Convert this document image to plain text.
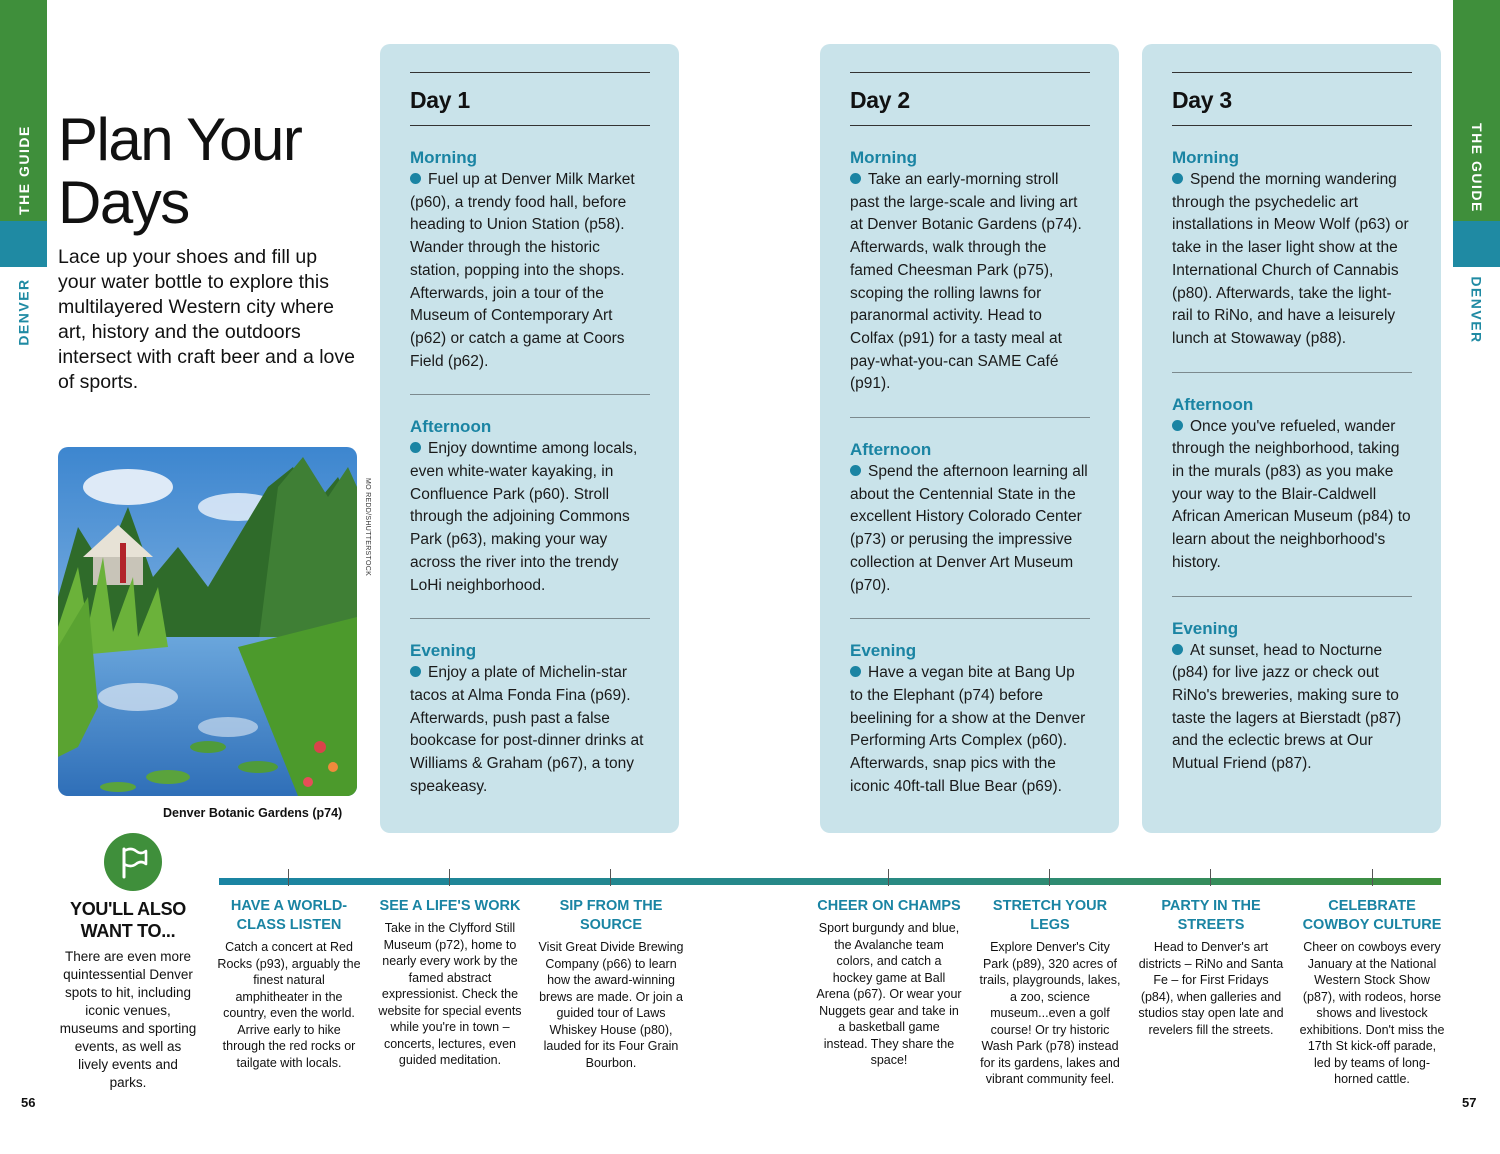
THE GUIDE
DENVER
THE GUIDE
DENVER
Plan Your
Days

Lace up your shoes and fill up your water bottle to explore this multilayered Western city where art, history and the outdoors intersect with craft beer and a love of sports.

MO REDD/SHUTTERSTOCK
Denver Botanic Gardens (p74)
Day 1
Morning

Fuel up at Denver Milk Market (p60), a trendy food hall, before heading to Union Station (p58). Wander through the historic station, popping into the shops. Afterwards, join a tour of the Museum of Contemporary Art (p62) or catch a game at Coors Field (p62).

Afternoon

Enjoy downtime among locals, even white-water kayaking, in Confluence Park (p60). Stroll through the adjoining Commons Park (p63), making your way across the river into the trendy LoHi neighborhood.

Evening

Enjoy a plate of Michelin-star tacos at Alma Fonda Fina (p69). Afterwards, push past a false bookcase for post-dinner drinks at Williams & Graham (p67), a tony speakeasy.

Day 2
Morning

Take an early-morning stroll past the large-scale and living art at Denver Botanic Gardens (p74). Afterwards, walk through the famed Cheesman Park (p75), scoping the rolling lawns for paranormal activity. Head to Colfax (p91) for a tasty meal at pay-what-you-can SAME Café (p91).

Afternoon

Spend the afternoon learning all about the Centennial State in the excellent History Colorado Center (p73) or perusing the impressive collection at Denver Art Museum (p70).

Evening

Have a vegan bite at Bang Up to the Elephant (p74) before beelining for a show at the Denver Performing Arts Complex (p60). Afterwards, snap pics with the iconic 40ft-tall Blue Bear (p69).

Day 3
Morning

Spend the morning wandering through the psychedelic art installations in Meow Wolf (p63) or take in the laser light show at the International Church of Cannabis (p80). Afterwards, take the light-rail to RiNo, and have a leisurely lunch at Stowaway (p88).

Afternoon

Once you've refueled, wander through the neighborhood, taking in the murals (p83) as you make your way to the Blair-Caldwell African American Museum (p84) to learn about the neighborhood's history.

Evening

At sunset, head to Nocturne (p84) for live jazz or check out RiNo's breweries, making sure to taste the lagers at Bierstadt (p87) and the eclectic brews at Our Mutual Friend (p87).

YOU'LL ALSO WANT TO...

There are even more quintessential Denver spots to hit, including iconic venues, museums and sporting events, as well as lively events and parks.

HAVE A WORLD-CLASS LISTEN

Catch a concert at Red Rocks (p93), arguably the finest natural amphitheater in the country, even the world. Arrive early to hike through the red rocks or tailgate with locals.

SEE A LIFE'S WORK

Take in the Clyfford Still Museum (p72), home to nearly every work by the famed abstract expressionist. Check the website for special events while you're in town – concerts, lectures, even guided meditation.

SIP FROM THE SOURCE

Visit Great Divide Brewing Company (p66) to learn how the award-winning brews are made. Or join a guided tour of Laws Whiskey House (p80), lauded for its Four Grain Bourbon.

CHEER ON CHAMPS

Sport burgundy and blue, the Avalanche team colors, and catch a hockey game at Ball Arena (p67). Or wear your Nuggets gear and take in a basketball game instead. They share the space!

STRETCH YOUR LEGS

Explore Denver's City Park (p89), 320 acres of trails, playgrounds, lakes, a zoo, science museum...even a golf course! Or try historic Wash Park (p78) instead for its gardens, lakes and vibrant community feel.

PARTY IN THE STREETS

Head to Denver's art districts – RiNo and Santa Fe – for First Fridays (p84), when galleries and studios stay open late and revelers fill the streets.

CELEBRATE COWBOY CULTURE

Cheer on cowboys every January at the National Western Stock Show (p87), with rodeos, horse shows and livestock exhibitions. Don't miss the 17th St kick-off parade, led by teams of long-horned cattle.

56	57
